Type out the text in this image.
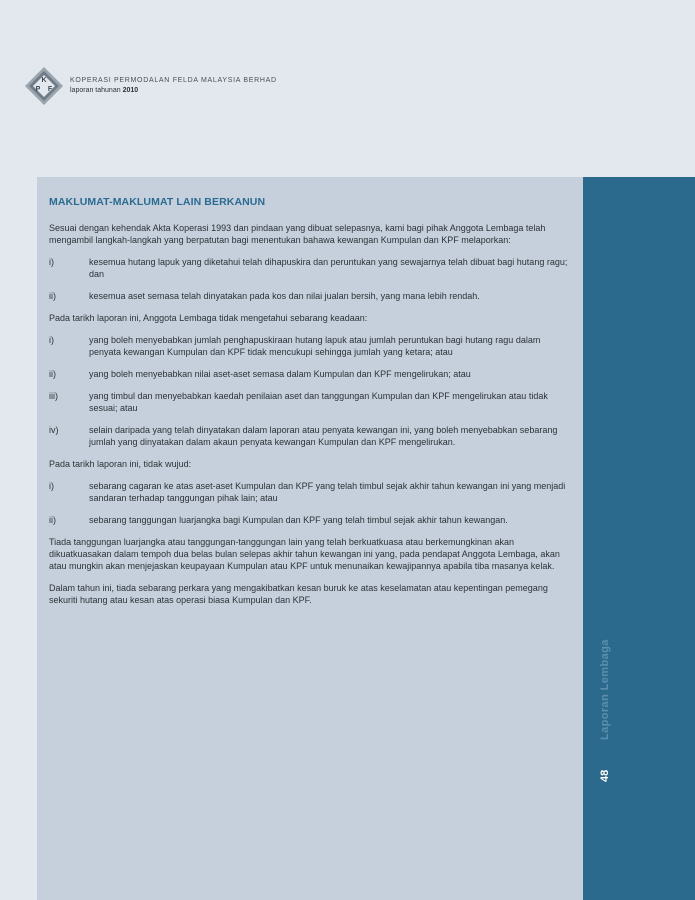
K
P F
KOPERASI PERMODALAN FELDA MALAYSIA BERHAD
laporan tahunan 2010
Laporan Lembaga
48
MAKLUMAT-MAKLUMAT LAIN BERKANUN

Sesuai dengan kehendak Akta Koperasi 1993 dan pindaan yang dibuat selepasnya, kami bagi pihak Anggota Lembaga telah mengambil langkah-langkah yang berpatutan bagi menentukan bahawa kewangan Kumpulan dan KPF melaporkan:

i)	kesemua hutang lapuk yang diketahui telah dihapuskira dan peruntukan yang sewajarnya telah dibuat bagi hutang ragu; dan
ii)	kesemua aset semasa telah dinyatakan pada kos dan nilai jualan bersih, yang mana lebih rendah.

Pada tarikh laporan ini, Anggota Lembaga tidak mengetahui sebarang keadaan:

i)	yang boleh menyebabkan jumlah penghapuskiraan hutang lapuk atau jumlah peruntukan bagi hutang ragu dalam penyata kewangan Kumpulan dan KPF tidak mencukupi sehingga jumlah yang ketara; atau
ii)	yang boleh menyebabkan nilai aset-aset semasa dalam Kumpulan dan KPF mengelirukan; atau
iii)	yang timbul dan menyebabkan kaedah penilaian aset dan tanggungan Kumpulan dan KPF mengelirukan atau tidak sesuai; atau
iv)	selain daripada yang telah dinyatakan dalam laporan atau penyata kewangan ini, yang boleh menyebabkan sebarang jumlah yang dinyatakan dalam akaun penyata kewangan Kumpulan dan KPF mengelirukan.

Pada tarikh laporan ini, tidak wujud:

i)	sebarang cagaran ke atas aset-aset Kumpulan dan KPF yang telah timbul sejak akhir tahun kewangan ini yang menjadi sandaran terhadap tanggungan pihak lain; atau
ii)	sebarang tanggungan luarjangka bagi Kumpulan dan KPF yang telah timbul sejak akhir tahun kewangan.

Tiada tanggungan luarjangka atau tanggungan-tanggungan lain yang telah berkuatkuasa atau berkemungkinan akan dikuatkuasakan dalam tempoh dua belas bulan selepas akhir tahun kewangan ini yang, pada pendapat Anggota Lembaga, akan atau mungkin akan menjejaskan keupayaan Kumpulan atau KPF untuk menunaikan kewajipannya apabila tiba masanya kelak.

Dalam tahun ini, tiada sebarang perkara yang mengakibatkan kesan buruk ke atas keselamatan atau kepentingan pemegang sekuriti hutang atau kesan atas operasi biasa Kumpulan dan KPF.
